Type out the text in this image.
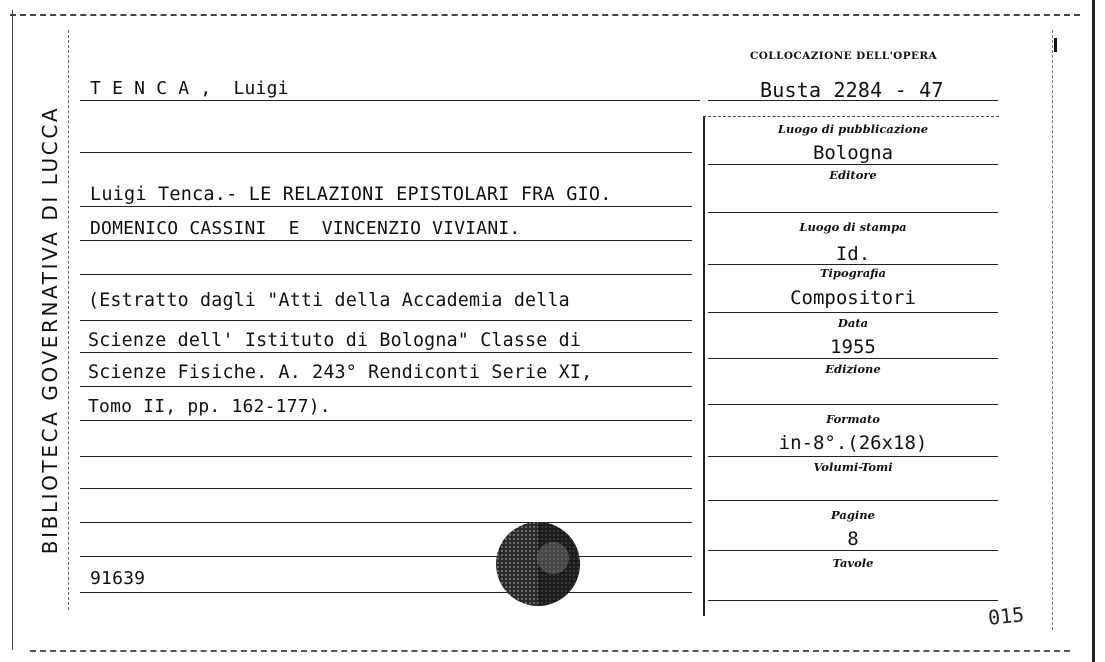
BIBLIOTECA GOVERNATIVA DI LUCCA
COLLOCAZIONE DELL'OPERA
Busta 2284 - 47
T E N C A ,  Luigi
Luigi Tenca.- LE RELAZIONI EPISTOLARI FRA GIO.
DOMENICO CASSINI  E  VINCENZIO VIVIANI.
(Estratto dagli "Atti della Accademia della
Scienze dell' Istituto di Bologna" Classe di
Scienze Fisiche. A. 243° Rendiconti Serie XI,
Tomo II, pp. 162-177).
91639
Luogo di pubblicazione
Bologna
Editore
Luogo di stampa
Id.
Tipografia
Compositori
Data
1955
Edizione
Formato
in-8°.(26x18)
Volumi-Tomi
Pagine
8
Tavole
015
